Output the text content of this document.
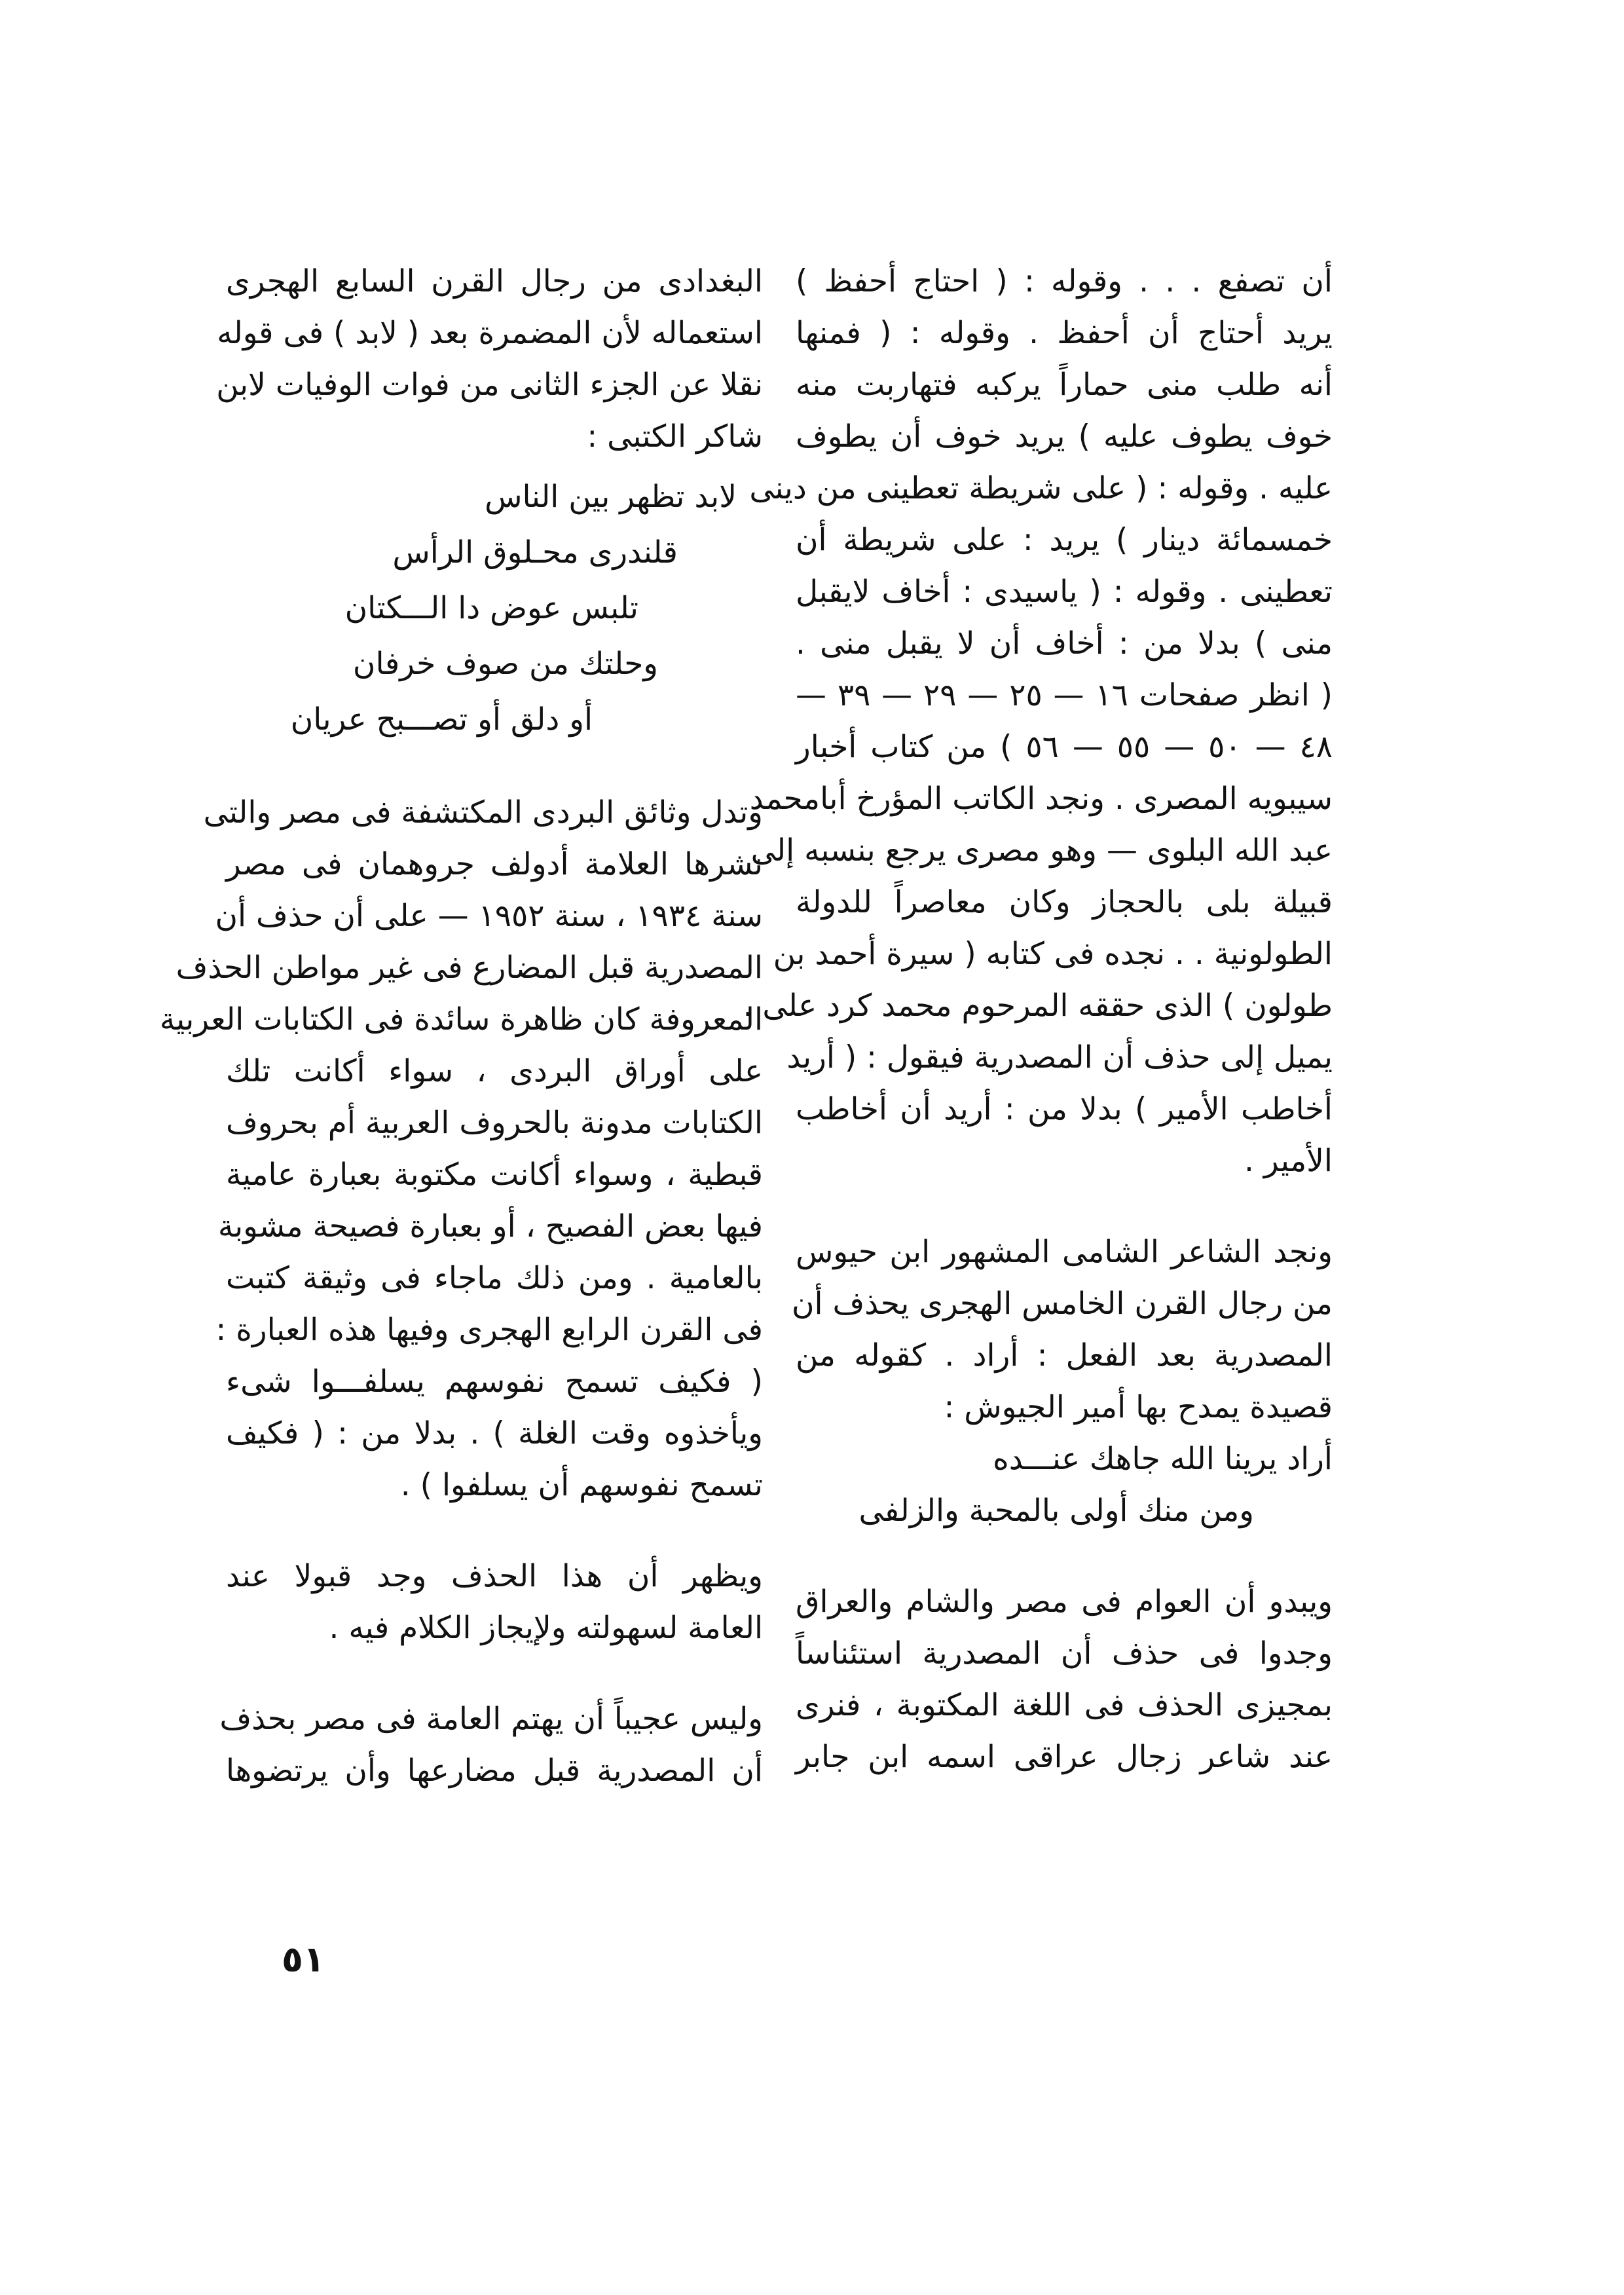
أن تصفع . . . وقوله : ( احتاج أحفظ )
يريد أحتاج أن أحفظ . وقوله : ( فمنها
أنه طلب منى حماراً يركبه فتهاربت منه
خوف يطوف عليه ) يريد خوف أن يطوف
عليه . وقوله : ( على شريطة تعطينى من دينى
خمسمائة دينار ) يريد : على شريطة أن
تعطينى . وقوله : ( ياسيدى : أخاف لايقبل
منى ) بدلا من : أخاف أن لا يقبل منى .
( انظر صفحات ١٦ — ٢٥ — ٢٩ — ٣٩ —
٤٨ — ٥٠ — ٥٥ — ٥٦ ) من كتاب أخبار
سيبويه المصرى . ونجد الكاتب المؤرخ أبامحمد
عبد الله البلوى — وهو مصرى يرجع بنسبه إلى
قبيلة بلى بالحجاز وكان معاصراً للدولة
الطولونية . . نجده فى كتابه ( سيرة أحمد بن
طولون ) الذى حققه المرحوم محمد كرد على .
يميل إلى حذف أن المصدرية فيقول : ( أريد
أخاطب الأمير ) بدلا من : أريد أن أخاطب
الأمير .
ونجد الشاعر الشامى المشهور ابن حيوس
من رجال القرن الخامس الهجرى يحذف أن
المصدرية بعد الفعل : أراد . كقوله من
قصيدة يمدح بها أمير الجيوش :
أراد يرينا الله جاهك عنـــده
ومن منك أولى بالمحبة والزلفى
ويبدو أن العوام فى مصر والشام والعراق
وجدوا فى حذف أن المصدرية استئناساً
بمجيزى الحذف فى اللغة المكتوبة ، فنرى
عند شاعر زجال عراقى اسمه ابن جابر
البغدادى من رجال القرن السابع الهجرى
استعماله لأن المضمرة بعد ( لابد ) فى قوله
نقلا عن الجزء الثانى من فوات الوفيات لابن
شاكر الكتبى :
لابد تظهر بين الناس
قلندرى محـلوق الرأس
تلبس عوض دا الـــكتان
وحلتك من صوف خرفان
أو دلق أو تصـــبح عريان
وتدل وثائق البردى المكتشفة فى مصر والتى
نشرها العلامة أدولف جروهمان فى مصر
سنة ١٩٣٤ ، سنة ١٩٥٢ — على أن حذف أن
المصدرية قبل المضارع فى غير مواطن الحذف
المعروفة كان ظاهرة سائدة فى الكتابات العربية
على أوراق البردى ، سواء أكانت تلك
الكتابات مدونة بالحروف العربية أم بحروف
قبطية ، وسواء أكانت مكتوبة بعبارة عامية
فيها بعض الفصيح ، أو بعبارة فصيحة مشوبة
بالعامية . ومن ذلك ماجاء فى وثيقة كتبت
فى القرن الرابع الهجرى وفيها هذه العبارة :
( فكيف تسمح نفوسهم يسلفـــوا شىء
ويأخذوه وقت الغلة ) . بدلا من : ( فكيف
تسمح نفوسهم أن يسلفوا ) .
ويظهر أن هذا الحذف وجد قبولا عند
العامة لسهولته ولإيجاز الكلام فيه .
وليس عجيباً أن يهتم العامة فى مصر بحذف
أن المصدرية قبل مضارعها وأن يرتضوها
٥١
